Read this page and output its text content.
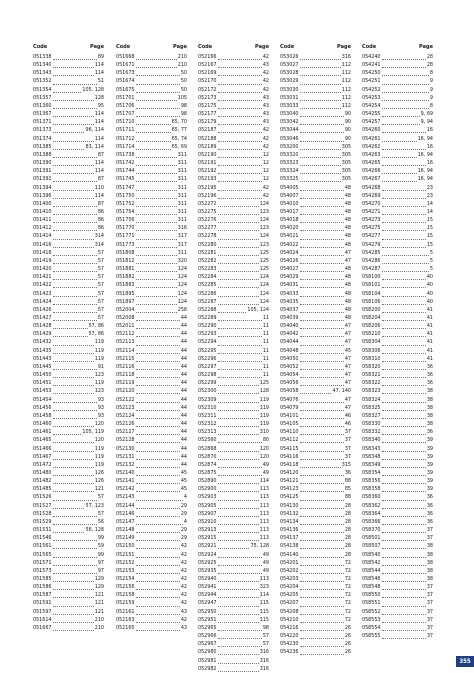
Code	Page
051338	89
051340	114
051343	114
051352	51
051354	105, 128
051357	128
051360	95
051367	114
051371	114
051373	96, 114
051374	114
051385	83, 114
051388	87
051390	114
051391	114
051392	87
051394	110
051396	114
051400	87
051410	86
051411	86
051412	86
051414	314
051416	314
051418	57
051419	57
051420	57
051421	57
051422	57
051423	57
051424	57
051426	57
051427	57
051428	57, 86
051429	57, 86
051432	119
051435	119
051443	119
051445	91
051450	123
051451	119
051453	123
051454	93
051456	93
051458	93
051460	120
051461	105, 119
051465	120
051466	119
051467	119
051472	119
051480	126
051482	126
051485	121
051526	57
051527	57, 123
051528	57
051529	56
051531	56, 128
051546	99
051561	59
051565	99
051571	97
051573	97
051585	129
051586	129
051587	121
051591	121
051597	121
051614	210
051667	210
Code	Page
051668	210
051671	210
051673	50
051674	50
051675	50
051701	105
051706	98
051707	98
051710	65, 70
051711	65, 77
051712	65, 74
051714	65, 69
051738	311
051742	311
051744	311
051745	311
051747	311
051750	311
051752	311
051754	311
051756	311
051770	316
051771	317
051773	317
051808	311
051812	320
051881	124
051882	124
051883	124
051895	124
051897	124
052004	258
052008	44
052011	44
052112	44
052113	44
052114	44
052115	44
052116	44
052118	44
052119	44
052120	44
052122	44
052123	44
052124	44
052126	44
052127	44
052128	44
052130	44
052131	44
052132	44
052140	45
052141	45
052142	45
052143	4
052144	29
052146	29
052147	4
052148	29
052149	29
052150	42
052151	42
052152	42
052153	42
052154	42
052156	42
052158	42
052159	42
052161	43
052163	42
052165	43
Code	Page
052166	42
052167	43
052169	42
052170	42
052172	42
052173	43
052175	43
052177	43
052179	43
052187	42
052188	42
052189	42
052190	12
052191	12
052192	12
052193	12
052195	42
052196	42
052272	124
052275	123
052276	124
052277	123
052278	124
052280	123
052281	125
052282	125
052283	125
052284	124
052285	124
052286	124
052287	124
052288	105, 124
052289	11
052290	11
052293	11
052294	11
052295	11
052296	11
052297	11
052298	11
052299	125
052300	128
052309	119
052310	119
052311	119
052312	119
052313	310
052560	80
052868	120
052870	120
052874	49
052875	49
052890	114
052900	113
052903	113
052905	113
052907	113
052910	113
052913	113
052915	113
052921	75, 128
052924	49
052925	49
052935	49
052940	113
052941	323
052944	114
052947	115
052950	115
052951	115
052965	98
052966	57
052967	57
052980	316
052981	316
052982	316
Code	Page
053026	316
053027	112
053028	112
053029	112
053030	112
053031	112
053033	112
053040	90
053042	90
053044	90
053046	90
053200	305
053320	305
053323	305
053324	305
053325	305
054005	48
054007	48
054010	48
054017	48
054018	48
054020	48
054021	48
054022	48
054024	47
054026	47
054027	48
054029	48
054031	48
054033	48
054035	48
054037	48
054039	48
054040	47
054042	47
054044	47
054048	45
054050	47
054052	47
054054	47
054056	47
054058	47, 140
054076	47
054079	47
054101	46
054105	46
054110	37
054112	37
054115	37
054116	37
054118	315
054120	36
054121	88
054123	85
054125	88
054130	28
054132	28
054134	28
054136	28
054137	28
054138	28
054140	28
054201	72
054202	72
054203	72
054204	72
054205	72
054207	72
054208	72
054210	72
054216	26
054220	26
054230	26
054236	26
Code	Page
054240	28
054241	28
054250	8
054251	9
054252	9
054253	9
054254	8
054255	9, 69
054257	9, 94
054260	16
054261	16, 94
054262	16
054263	16, 94
054265	16
054266	16, 94
054267	16, 94
054268	23
054269	23
054270	14
054271	14
054273	15
054275	15
054277	15
054279	15
054285	5
054286	5
054287	5
058100	40
058101	40
058104	40
058106	40
058200	41
058204	41
058206	41
058210	41
058304	41
058306	41
058310	41
058320	36
058321	36
058322	36
058323	38
058324	38
058325	38
058327	38
058330	38
058332	36
058340	39
058343	39
058348	39
058349	39
058354	39
058356	39
058358	39
058360	36
058362	36
058364	36
058366	36
058370	37
058501	37
058507	38
058540	38
058542	38
058544	38
058546	38
058548	37
058550	37
058551	37
058552	37
058553	37
058554	37
058555	37
355
